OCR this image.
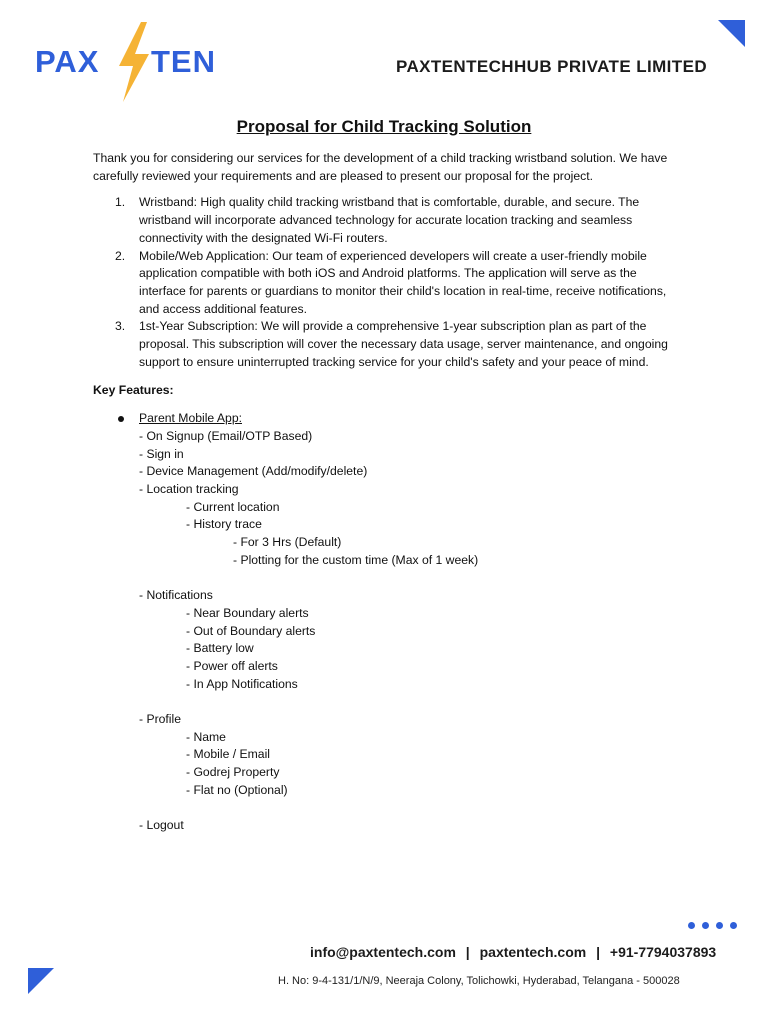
PAX TEN	PAXTENTECHHUB PRIVATE LIMITED
Proposal for Child Tracking Solution

Thank you for considering our services for the development of a child tracking wristband solution. We have carefully reviewed your requirements and are pleased to present our proposal for the project.

1. Wristband: High quality child tracking wristband that is comfortable, durable, and secure. The wristband will incorporate advanced technology for accurate location tracking and seamless connectivity with the designated Wi-Fi routers.
2. Mobile/Web Application: Our team of experienced developers will create a user-friendly mobile application compatible with both iOS and Android platforms. The application will serve as the interface for parents or guardians to monitor their child's location in real-time, receive notifications, and access additional features.
3. 1st-Year Subscription: We will provide a comprehensive 1-year subscription plan as part of the proposal. This subscription will cover the necessary data usage, server maintenance, and ongoing support to ensure uninterrupted tracking service for your child's safety and your peace of mind.
Key Features:
Parent Mobile App:
- On Signup (Email/OTP Based)
- Sign in
- Device Management (Add/modify/delete)
- Location tracking
- Current location
- History trace
- For 3 Hrs (Default)
- Plotting for the custom time (Max of 1 week)
- Notifications
- Near Boundary alerts
- Out of Boundary alerts
- Battery low
- Power off alerts
- In App Notifications
- Profile
- Name
- Mobile / Email
- Godrej Property
- Flat no (Optional)
- Logout
info@paxtentech.com | paxtentech.com | +91-7794037893
H. No: 9-4-131/1/N/9, Neeraja Colony, Tolichowki, Hyderabad, Telangana - 500028
